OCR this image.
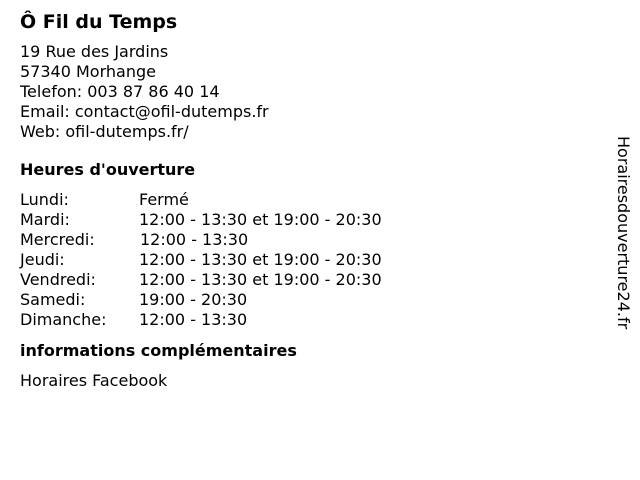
Ô Fil du Temps
19 Rue des Jardins
57340 Morhange
Telefon: 003 87 86 40 14
Email: contact@ofil-dutemps.fr
Web: ofil-dutemps.fr/
Heures d'ouverture
Lundi:	Fermé
Mardi:	12:00 - 13:30 et 19:00 - 20:30
Mercredi:	12:00 - 13:30
Jeudi:	12:00 - 13:30 et 19:00 - 20:30
Vendredi:	12:00 - 13:30 et 19:00 - 20:30
Samedi:	19:00 - 20:30
Dimanche:	12:00 - 13:30
informations complémentaires
Horaires Facebook
Horairesdouverture24.fr
